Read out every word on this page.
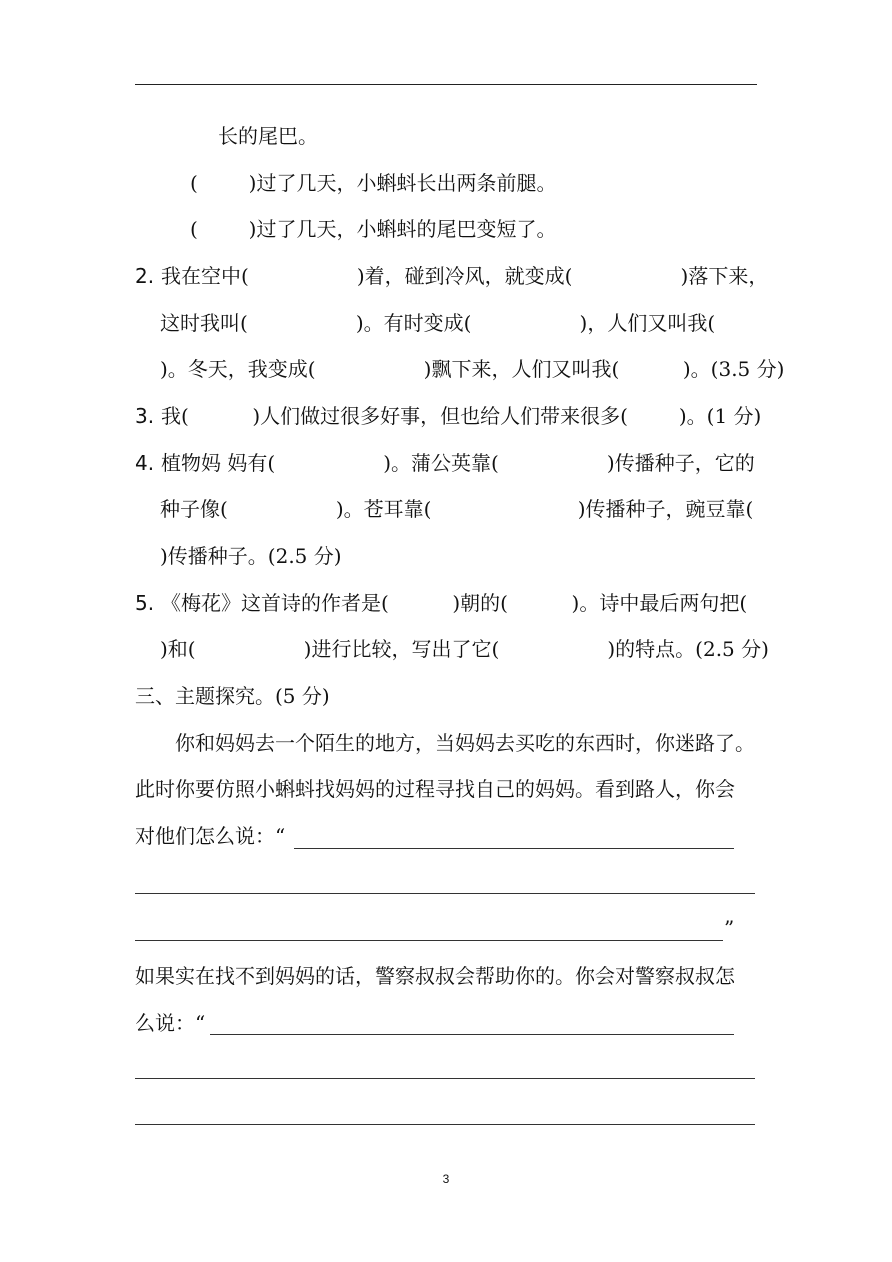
长的尾巴。
(        )过了几天，小蝌蚪长出两条前腿。
(        )过了几天，小蝌蚪的尾巴变短了。
2. 我在空中(                 )着，碰到冷风，就变成(                 )落下来，
这时我叫(                 )。有时变成(                 )，人们又叫我(
)。冬天，我变成(                 )飘下来，人们又叫我(          )。(3.5 分)
3. 我(          )人们做过很多好事，但也给人们带来很多(        )。(1 分)
4. 植物妈 妈有(                 )。蒲公英靠(                 )传播种子，它的
种子像(                 )。苍耳靠(                       )传播种子，豌豆靠(
)传播种子。(2.5 分)
5. 《梅花》这首诗的作者是(          )朝的(          )。诗中最后两句把(
)和(                 )进行比较，写出了它(                 )的特点。(2.5 分)
三、主题探究。(5 分)
你和妈妈去一个陌生的地方，当妈妈去买吃的东西时，你迷路了。
此时你要仿照小蝌蚪找妈妈的过程寻找自己的妈妈。看到路人，你会
对他们怎么说：“
”
如果实在找不到妈妈的话，警察叔叔会帮助你的。你会对警察叔叔怎
么说：“
3
